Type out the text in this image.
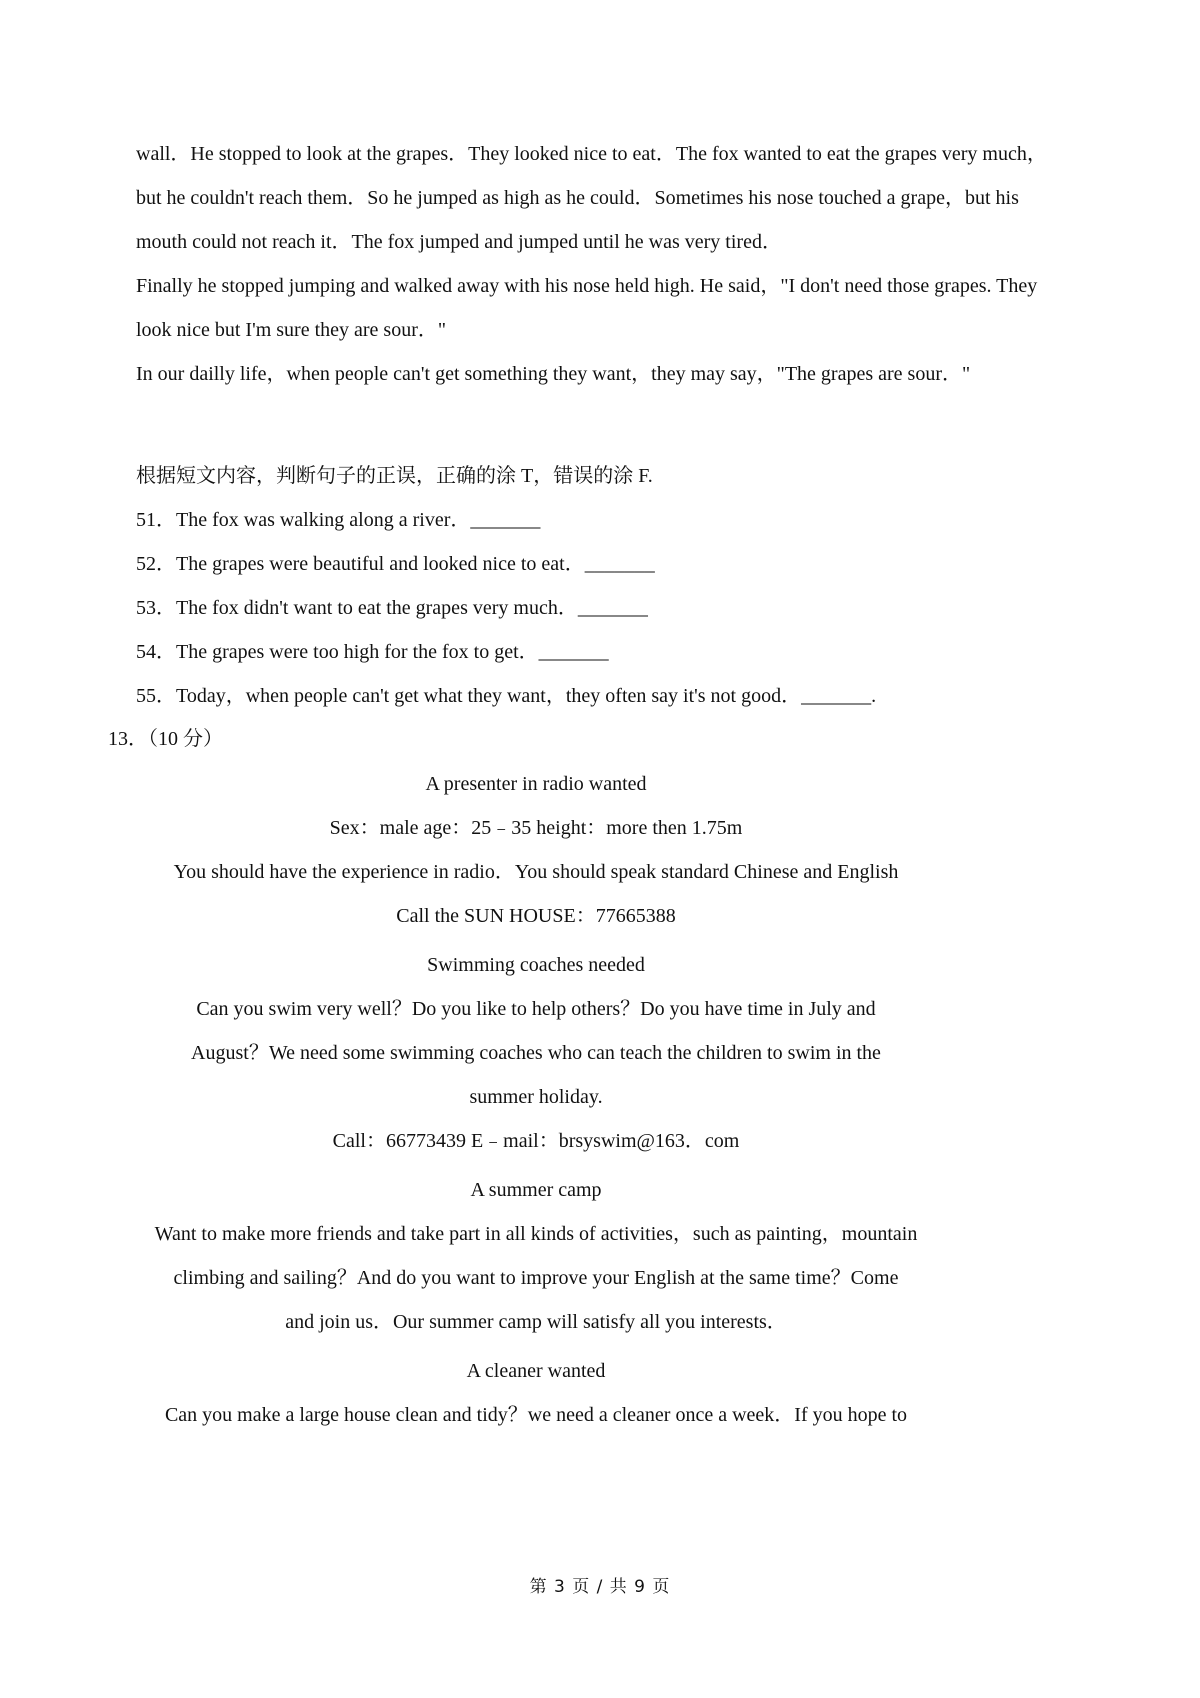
wall．He stopped to look at the grapes．They looked nice to eat．The fox wanted to eat the grapes very much，
but he couldn't reach them．So he jumped as high as he could．Sometimes his nose touched a grape，but his
mouth could not reach it．The fox jumped and jumped until he was very tired．
Finally he stopped jumping and walked away with his nose held high. He said，"I don't need those grapes. They
look nice but I'm sure they are sour．"
In our dailly life，when people can't get something they want，they may say，"The grapes are sour．"
根据短文内容，判断句子的正误，正确的涂 T，错误的涂 F.
51．The fox was walking along a river．_______
52．The grapes were beautiful and looked nice to eat．_______
53．The fox didn't want to eat the grapes very much．_______
54．The grapes were too high for the fox to get．_______
55．Today，when people can't get what they want，they often say it's not good．_______.
13．（10 分）
A presenter in radio wanted
Sex：male age：25﹣35 height：more then 1.75m
You should have the experience in radio．You should speak standard Chinese and English
Call the SUN HOUSE：77665388
Swimming coaches needed
Can you swim very well？Do you like to help others？Do you have time in July and
August？We need some swimming coaches who can teach the children to swim in the
summer holiday.
Call：66773439 E﹣mail：brsyswim@163．com
A summer camp
Want to make more friends and take part in all kinds of activities，such as painting，mountain
climbing and sailing？And do you want to improve your English at the same time？Come
and join us．Our summer camp will satisfy all you interests．
A cleaner wanted
Can you make a large house clean and tidy？we need a cleaner once a week．If you hope to
第 3 页 / 共 9 页
